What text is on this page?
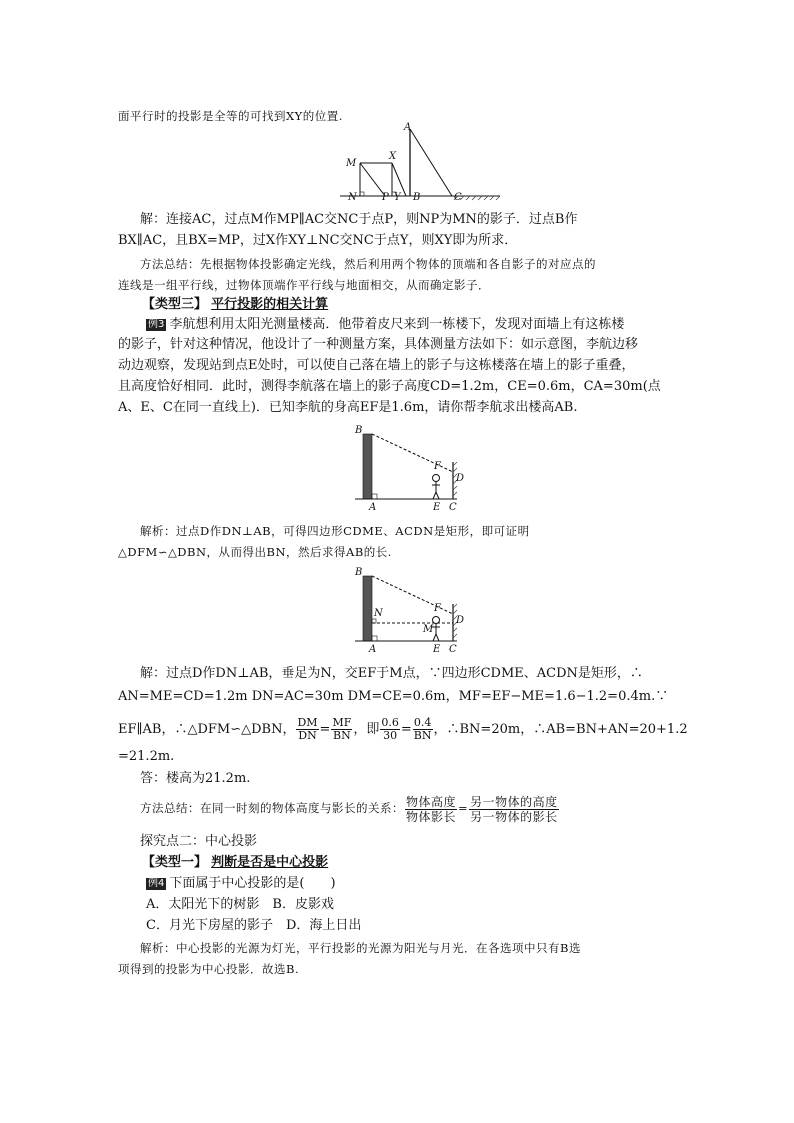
面平行时的投影是全等的可找到XY的位置.
A
M
X
N	P Y B	C
解：连接AC，过点M作MP∥AC交NC于点P，则NP为MN的影子．过点B作
BX∥AC，且BX=MP，过X作XY⊥NC交NC于点Y，则XY即为所求．
方法总结：先根据物体投影确定光线，然后利用两个物体的顶端和各自影子的对应点的
连线是一组平行线，过物体顶端作平行线与地面相交，从而确定影子．
【类型三】 平行投影的相关计算
例3 李航想利用太阳光测量楼高．他带着皮尺来到一栋楼下，发现对面墙上有这栋楼
的影子，针对这种情况，他设计了一种测量方案，具体测量方法如下：如示意图，李航边移
动边观察，发现站到点E处时，可以使自己落在墙上的影子与这栋楼落在墙上的影子重叠，
且高度恰好相同．此时，测得李航落在墙上的影子高度CD=1.2m，CE=0.6m，CA=30m(点
A、E、C在同一直线上)．已知李航的身高EF是1.6m，请你帮李航求出楼高AB.
B
F
D
A	E C
解析：过点D作DN⊥AB，可得四边形CDME、ACDN是矩形，即可证明
△DFM∽△DBN，从而得出BN，然后求得AB的长.
B
F
N
M
D
A	E C
解：过点D作DN⊥AB，垂足为N，交EF于M点，∵四边形CDME、ACDN是矩形，∴
AN=ME=CD=1.2m DN=AC=30m DM=CE=0.6m，MF=EF−ME=1.6−1.2=0.4m.∵
EF∥AB，∴△DFM∽△DBN， $\frac{DM}{DN} = \frac{MF}{BN}$ ，即 $\frac{0.6}{30} = \frac{0.4}{BN}$ ，∴BN=20m，∴AB=BN+AN=20+1.2
=21.2m.
答：楼高为21.2m.
方法总结：在同一时刻的物体高度与影长的关系： $\frac{\text{物体高度}}{\text{物体影长}} = \frac{\text{另一物体的高度}}{\text{另一物体的影长}}$
探究点二：中心投影
【类型一】 判断是否是中心投影
例4 下面属于中心投影的是(　　)
A．太阳光下的树影　B．皮影戏
C．月光下房屋的影子　D．海上日出
解析：中心投影的光源为灯光，平行投影的光源为阳光与月光．在各选项中只有B选
项得到的投影为中心投影．故选B.
